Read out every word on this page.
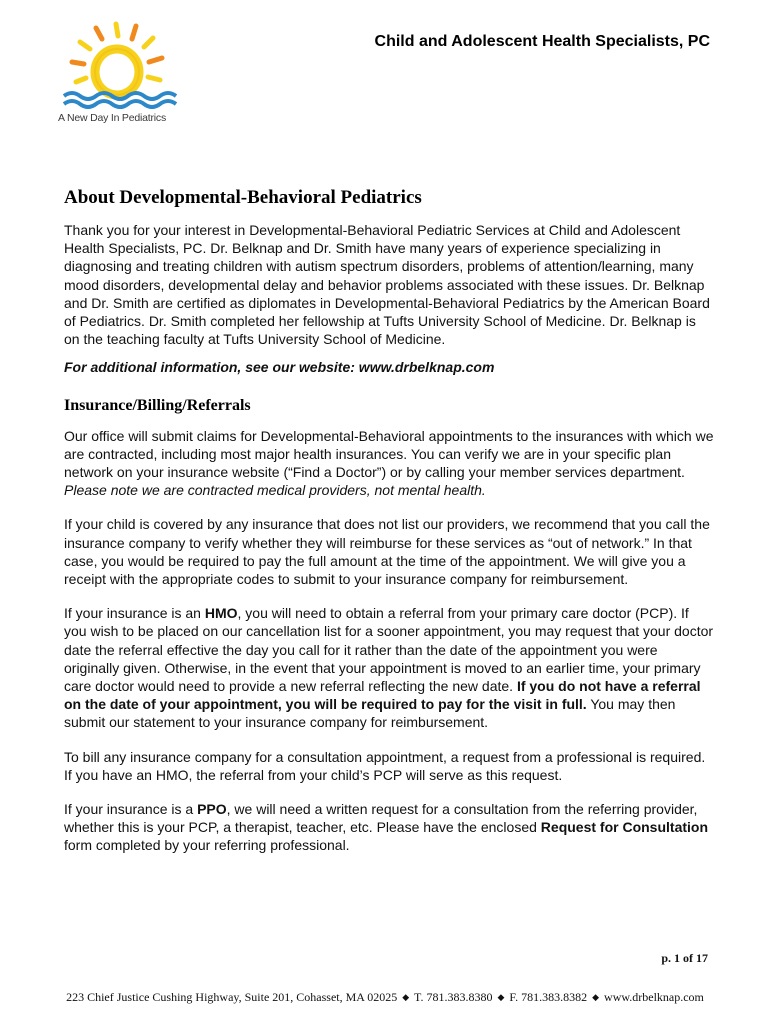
A New Day In Pediatrics
Child and Adolescent Health Specialists, PC
About Developmental-Behavioral Pediatrics

Thank you for your interest in Developmental-Behavioral Pediatric Services at Child and Adolescent Health Specialists, PC. Dr. Belknap and Dr. Smith have many years of experience specializing in diagnosing and treating children with autism spectrum disorders, problems of attention/learning, many mood disorders, developmental delay and behavior problems associated with these issues. Dr. Belknap and Dr. Smith are certified as diplomates in Developmental-Behavioral Pediatrics by the American Board of Pediatrics. Dr. Smith completed her fellowship at Tufts University School of Medicine. Dr. Belknap is on the teaching faculty at Tufts University School of Medicine.

For additional information, see our website: www.drbelknap.com

Insurance/Billing/Referrals

Our office will submit claims for Developmental-Behavioral appointments to the insurances with which we are contracted, including most major health insurances. You can verify we are in your specific plan network on your insurance website (“Find a Doctor”) or by calling your member services department. Please note we are contracted medical providers, not mental health.

If your child is covered by any insurance that does not list our providers, we recommend that you call the insurance company to verify whether they will reimburse for these services as “out of network.” In that case, you would be required to pay the full amount at the time of the appointment. We will give you a receipt with the appropriate codes to submit to your insurance company for reimbursement.

If your insurance is an HMO, you will need to obtain a referral from your primary care doctor (PCP). If you wish to be placed on our cancellation list for a sooner appointment, you may request that your doctor date the referral effective the day you call for it rather than the date of the appointment you were originally given. Otherwise, in the event that your appointment is moved to an earlier time, your primary care doctor would need to provide a new referral reflecting the new date. If you do not have a referral on the date of your appointment, you will be required to pay for the visit in full. You may then submit our statement to your insurance company for reimbursement.

To bill any insurance company for a consultation appointment, a request from a professional is required. If you have an HMO, the referral from your child’s PCP will serve as this request.

If your insurance is a PPO, we will need a written request for a consultation from the referring provider, whether this is your PCP, a therapist, teacher, etc. Please have the enclosed Request for Consultation form completed by your referring professional.

p. 1 of 17
223 Chief Justice Cushing Highway, Suite 201, Cohasset, MA 02025 ◆ T. 781.383.8380 ◆ F. 781.383.8382 ◆ www.drbelknap.com
